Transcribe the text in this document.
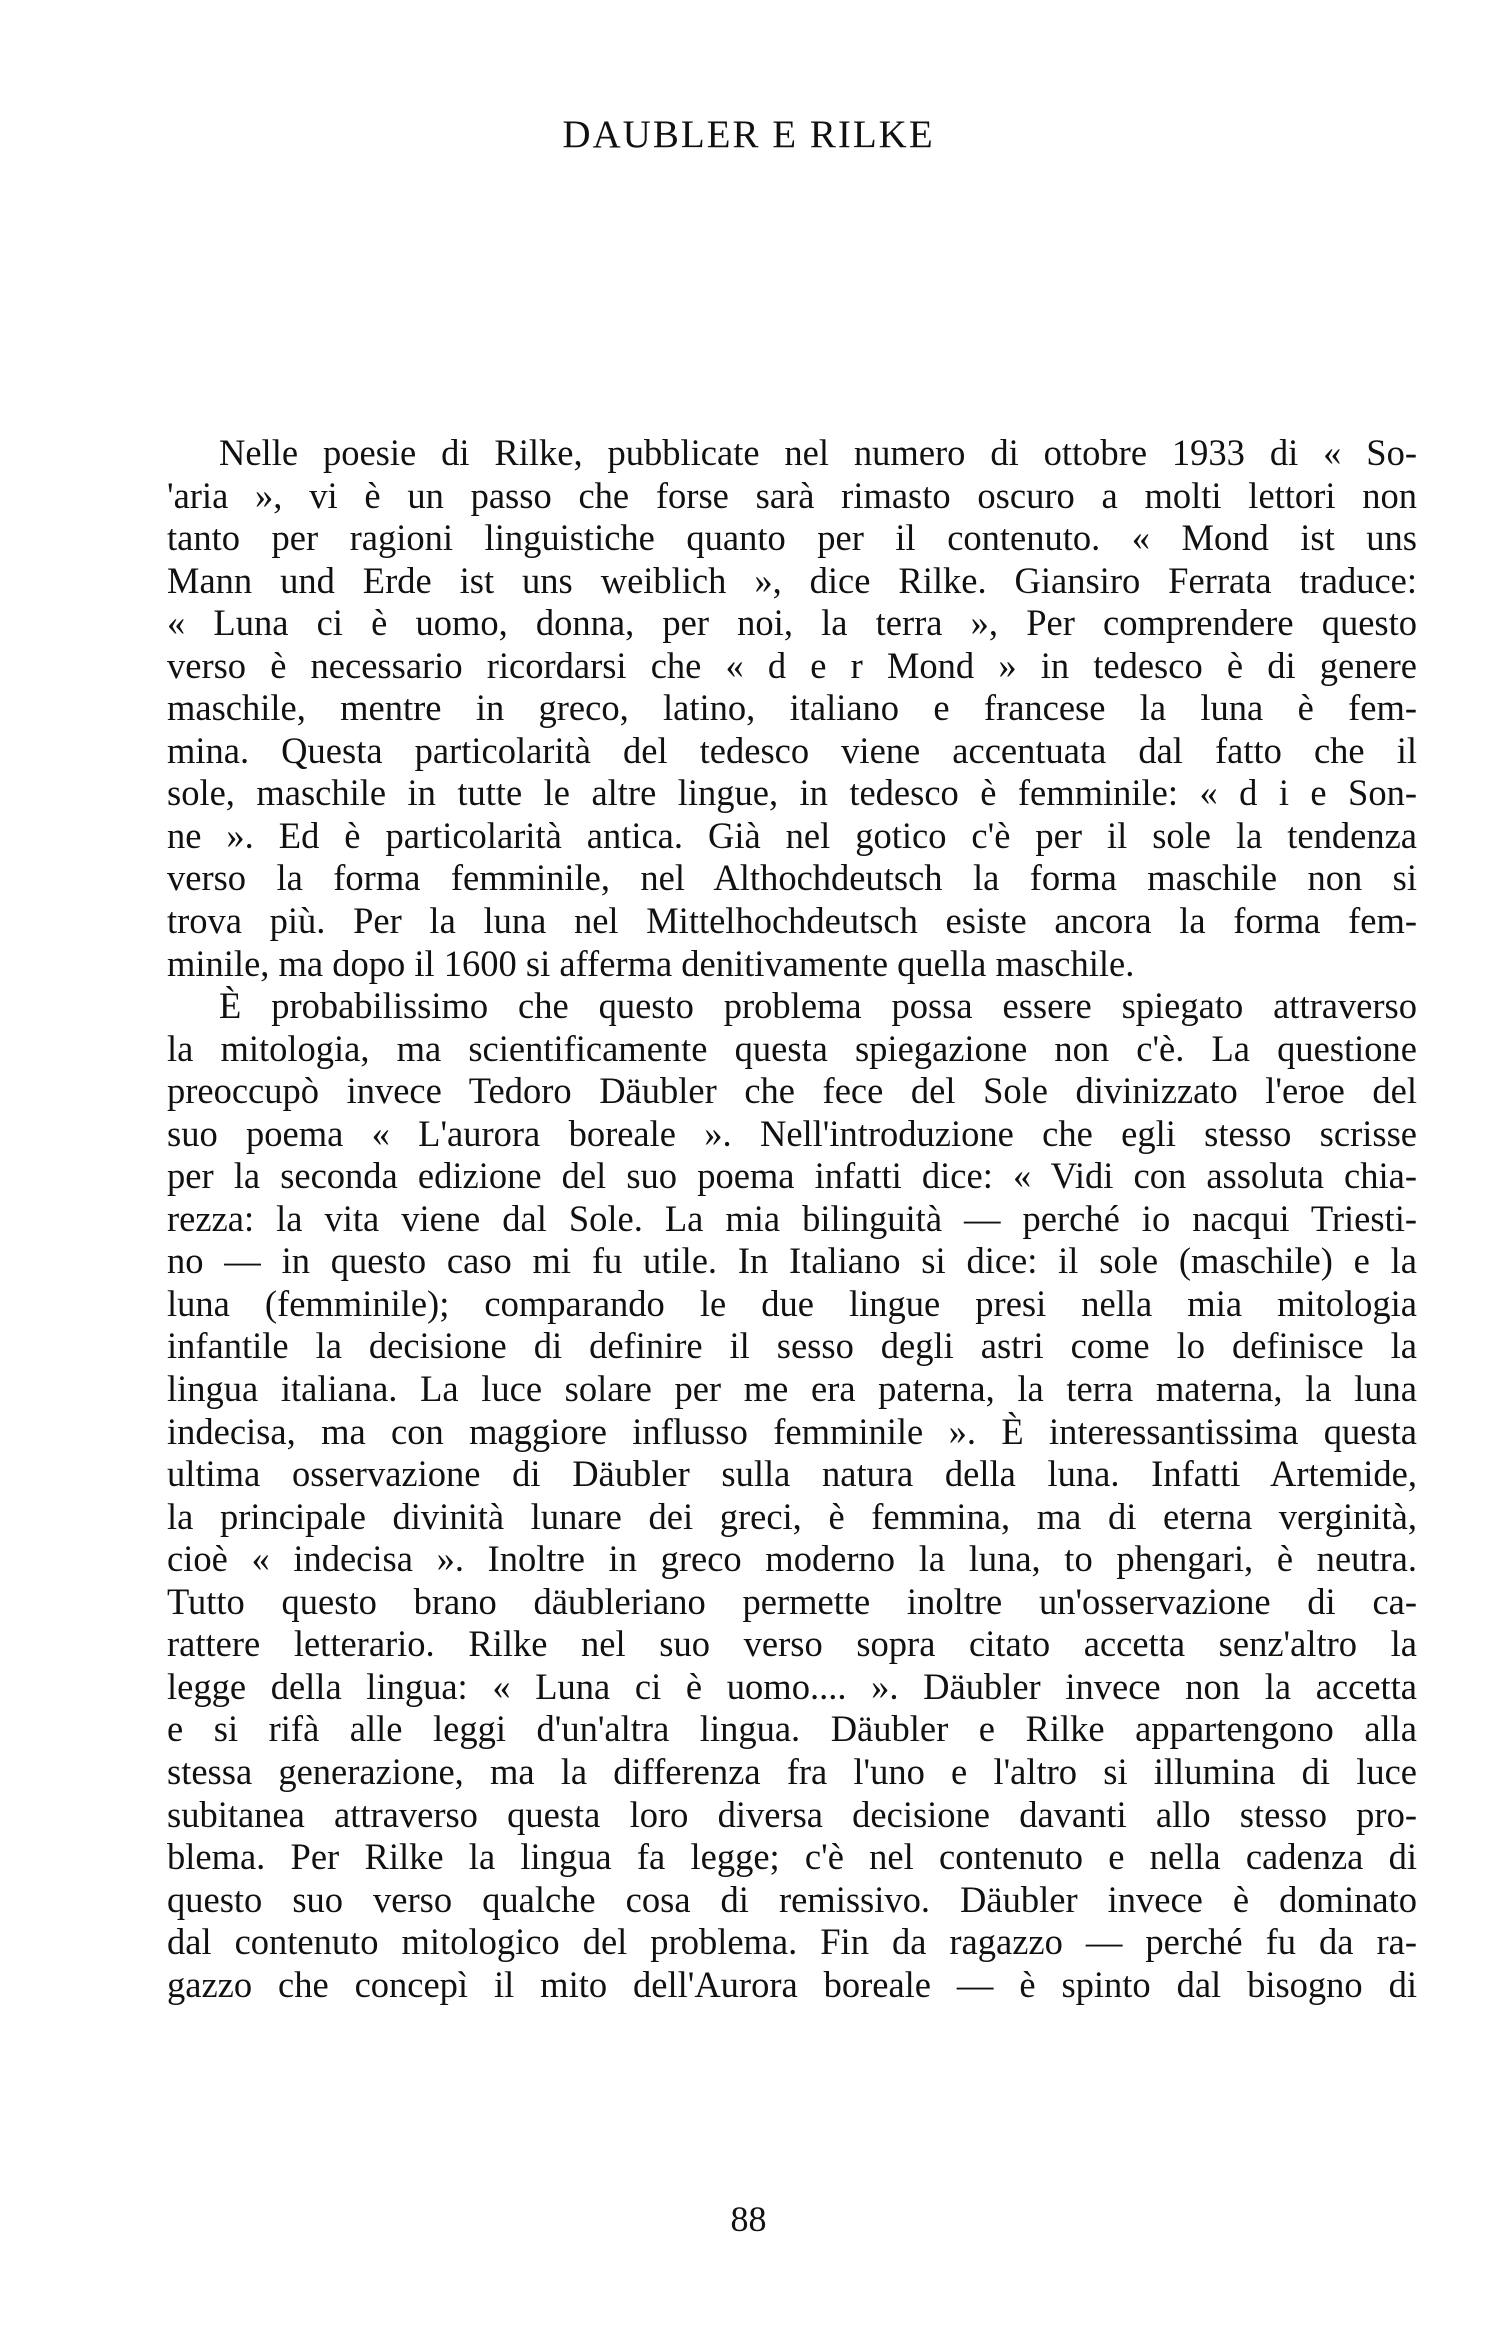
DAUBLER E RILKE
Nelle poesie di Rilke, pubblicate nel numero di ottobre 1933 di « So-
'aria », vi è un passo che forse sarà rimasto oscuro a molti lettori non
tanto per ragioni linguistiche quanto per il contenuto. « Mond ist uns
Mann und Erde ist uns weiblich », dice Rilke. Giansiro Ferrata traduce:
« Luna ci è uomo, donna, per noi, la terra », Per comprendere questo
verso è necessario ricordarsi che « d e r Mond » in tedesco è di genere
maschile, mentre in greco, latino, italiano e francese la luna è fem-
mina. Questa particolarità del tedesco viene accentuata dal fatto che il
sole, maschile in tutte le altre lingue, in tedesco è femminile: « d i e Son-
ne ». Ed è particolarità antica. Già nel gotico c'è per il sole la tendenza
verso la forma femminile, nel Althochdeutsch la forma maschile non si
trova più. Per la luna nel Mittelhochdeutsch esiste ancora la forma fem-
minile, ma dopo il 1600 si afferma denitivamente quella maschile.
È probabilissimo che questo problema possa essere spiegato attraverso
la mitologia, ma scientificamente questa spiegazione non c'è. La questione
preoccupò invece Tedoro Däubler che fece del Sole divinizzato l'eroe del
suo poema « L'aurora boreale ». Nell'introduzione che egli stesso scrisse
per la seconda edizione del suo poema infatti dice: « Vidi con assoluta chia-
rezza: la vita viene dal Sole. La mia bilinguità — perché io nacqui Triesti-
no — in questo caso mi fu utile. In Italiano si dice: il sole (maschile) e la
luna (femminile); comparando le due lingue presi nella mia mitologia
infantile la decisione di definire il sesso degli astri come lo definisce la
lingua italiana. La luce solare per me era paterna, la terra materna, la luna
indecisa, ma con maggiore influsso femminile ». È interessantissima questa
ultima osservazione di Däubler sulla natura della luna. Infatti Artemide,
la principale divinità lunare dei greci, è femmina, ma di eterna verginità,
cioè « indecisa ». Inoltre in greco moderno la luna, to phengari, è neutra.
Tutto questo brano däubleriano permette inoltre un'osservazione di ca-
rattere letterario. Rilke nel suo verso sopra citato accetta senz'altro la
legge della lingua: « Luna ci è uomo.... ». Däubler invece non la accetta
e si rifà alle leggi d'un'altra lingua. Däubler e Rilke appartengono alla
stessa generazione, ma la differenza fra l'uno e l'altro si illumina di luce
subitanea attraverso questa loro diversa decisione davanti allo stesso pro-
blema. Per Rilke la lingua fa legge; c'è nel contenuto e nella cadenza di
questo suo verso qualche cosa di remissivo. Däubler invece è dominato
dal contenuto mitologico del problema. Fin da ragazzo — perché fu da ra-
gazzo che concepì il mito dell'Aurora boreale — è spinto dal bisogno di
88
